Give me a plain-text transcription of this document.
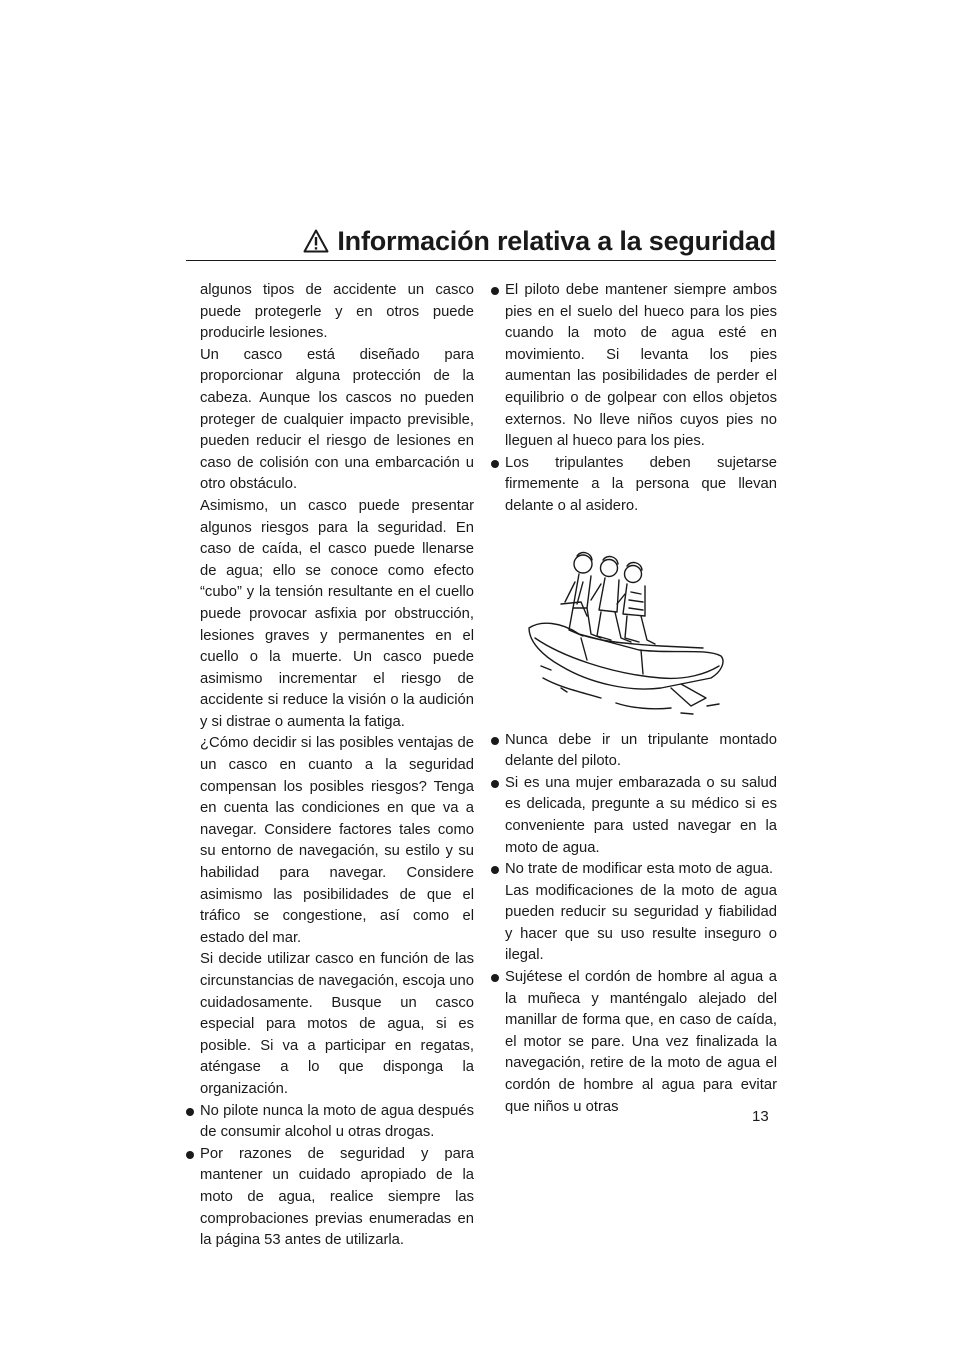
Información relativa a la seguridad

algunos tipos de accidente un casco puede protegerle y en otros puede producirle lesiones.

Un casco está diseñado para proporcionar alguna protección de la cabeza. Aunque los cascos no pueden proteger de cualquier impacto previsible, pueden reducir el riesgo de lesiones en caso de colisión con una embarcación u otro obstáculo.

Asimismo, un casco puede presentar algunos riesgos para la seguridad. En caso de caída, el casco puede llenarse de agua; ello se conoce como efecto “cubo” y la tensión resultante en el cuello puede provocar asfixia por obstrucción, lesiones graves y permanentes en el cuello o la muerte. Un casco puede asimismo incrementar el riesgo de accidente si reduce la visión o la audición y si distrae o aumenta la fatiga.

¿Cómo decidir si las posibles ventajas de un casco en cuanto a la seguridad compensan los posibles riesgos? Tenga en cuenta las condiciones en que va a navegar. Considere factores tales como su entorno de navegación, su estilo y su habilidad para navegar. Considere asimismo las posibilidades de que el tráfico se congestione, así como el estado del mar.

Si decide utilizar casco en función de las circunstancias de navegación, escoja uno cuidadosamente. Busque un casco especial para motos de agua, si es posible. Si va a participar en regatas, aténgase a lo que disponga la organización.

No pilote nunca la moto de agua después de consumir alcohol u otras drogas.

Por razones de seguridad y para mantener un cuidado apropiado de la moto de agua, realice siempre las comprobaciones previas enumeradas en la página 53 antes de utilizarla.

El piloto debe mantener siempre ambos pies en el suelo del hueco para los pies cuando la moto de agua esté en movimiento. Si levanta los pies aumentan las posibilidades de perder el equilibrio o de golpear con ellos objetos externos. No lleve niños cuyos pies no lleguen al hueco para los pies.

Los tripulantes deben sujetarse firmemente a la persona que llevan delante o al asidero.

Nunca debe ir un tripulante montado delante del piloto.

Si es una mujer embarazada o su salud es delicada, pregunte a su médico si es conveniente para usted navegar en la moto de agua.

No trate de modificar esta moto de agua.

Las modificaciones de la moto de agua pueden reducir su seguridad y fiabilidad y hacer que su uso resulte inseguro o ilegal.

Sujétese el cordón de hombre al agua a la muñeca y manténgalo alejado del manillar de forma que, en caso de caída, el motor se pare. Una vez finalizada la navegación, retire de la moto de agua el cordón de hombre al agua para evitar que niños u otras

13
